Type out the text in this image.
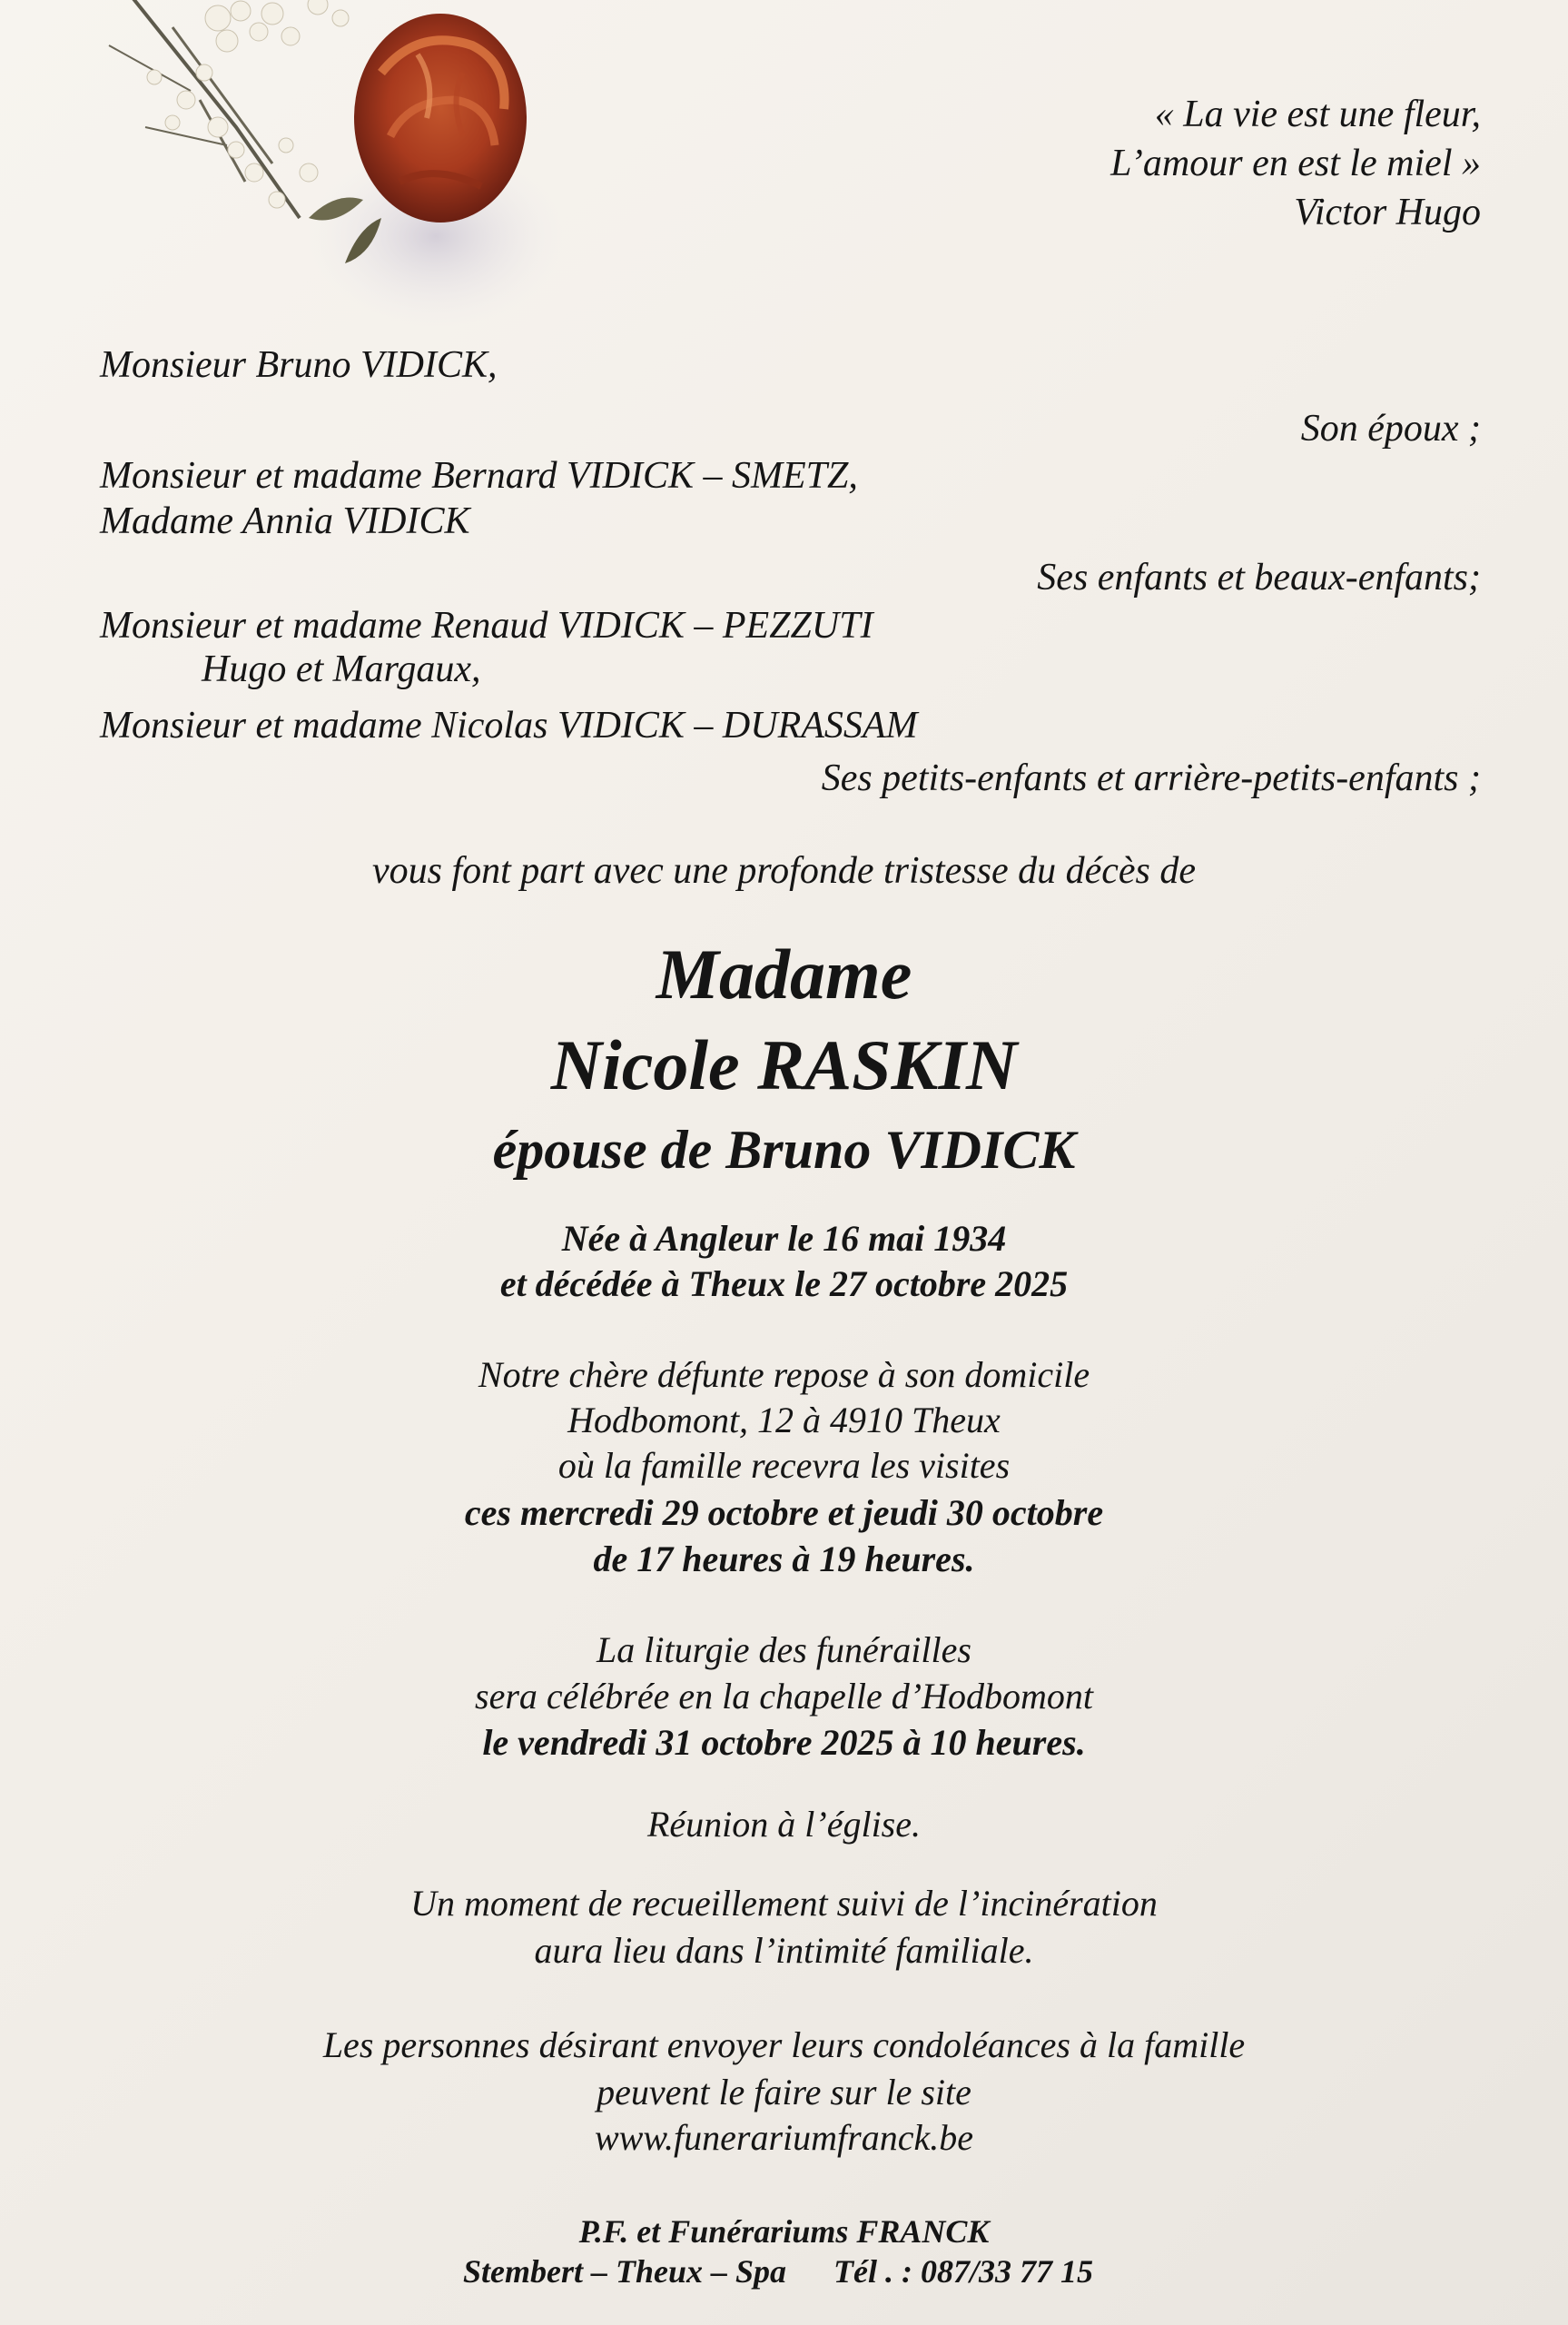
« La vie est une fleur,
L’amour en est le miel »
Victor Hugo
Monsieur Bruno VIDICK,
Son époux ;
Monsieur et madame Bernard VIDICK – SMETZ,
Madame Annia VIDICK
Ses enfants et beaux-enfants;
Monsieur et madame Renaud VIDICK – PEZZUTI
Hugo et Margaux,
Monsieur et madame Nicolas VIDICK – DURASSAM
Ses petits-enfants et arrière-petits-enfants ;
vous font part avec une profonde tristesse du décès de
Madame
Nicole RASKIN
épouse de Bruno VIDICK
Née à Angleur le 16 mai 1934
et décédée à Theux le 27 octobre 2025
Notre chère défunte repose à son domicile
Hodbomont, 12 à 4910 Theux
où la famille recevra les visites
ces mercredi 29 octobre et jeudi 30 octobre
de 17 heures à 19 heures.
La liturgie des funérailles
sera célébrée en la chapelle d’Hodbomont
le vendredi 31 octobre 2025 à 10 heures.
Réunion à l’église.
Un moment de recueillement suivi de l’incinération
aura lieu dans l’intimité familiale.
Les personnes désirant envoyer leurs condoléances à la famille
peuvent le faire sur le site
www.funerariumfranck.be
P.F. et Funérariums FRANCK
Stembert – Theux – Spa Tél . : 087/33 77 15
